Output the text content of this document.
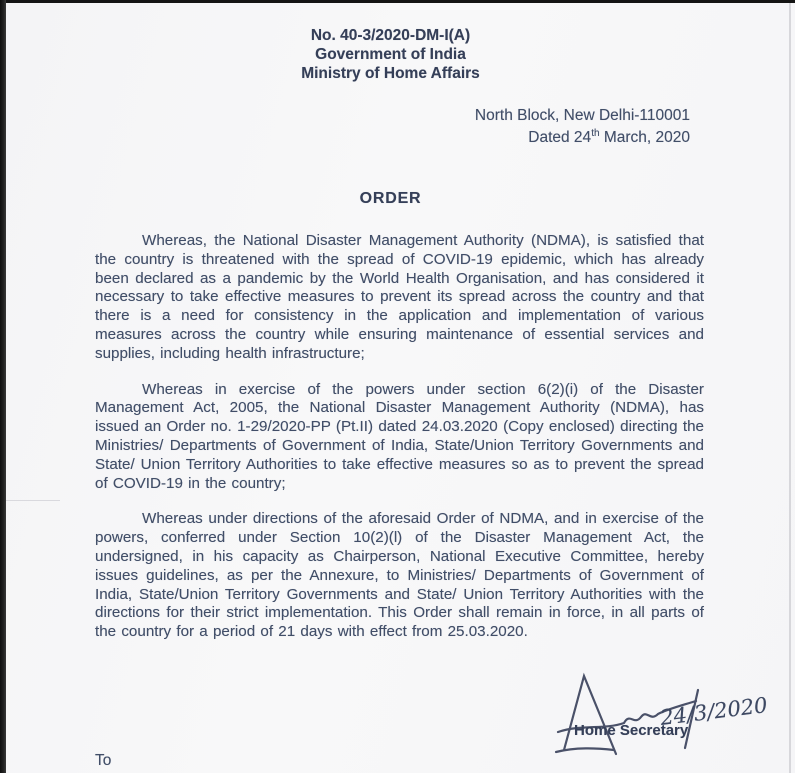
No. 40-3/2020-DM-I(A)
Government of India
Ministry of Home Affairs
North Block, New Delhi-110001
Dated 24th March, 2020
ORDER

Whereas, the National Disaster Management Authority (NDMA), is satisfied that the country is threatened with the spread of COVID-19 epidemic, which has already been declared as a pandemic by the World Health Organisation, and has considered it necessary to take effective measures to prevent its spread across the country and that there is a need for consistency in the application and implementation of various measures across the country while ensuring maintenance of essential services and supplies, including health infrastructure;

Whereas in exercise of the powers under section 6(2)(i) of the Disaster Management Act, 2005, the National Disaster Management Authority (NDMA), has issued an Order no. 1-29/2020-PP (Pt.II) dated 24.03.2020 (Copy enclosed) directing the Ministries/ Departments of Government of India, State/Union Territory Governments and State/ Union Territory Authorities to take effective measures so as to prevent the spread of COVID-19 in the country;

Whereas under directions of the aforesaid Order of NDMA, and in exercise of the powers, conferred under Section 10(2)(l) of the Disaster Management Act, the undersigned, in his capacity as Chairperson, National Executive Committee, hereby issues guidelines, as per the Annexure, to Ministries/ Departments of Government of India, State/Union Territory Governments and State/ Union Territory Authorities with the directions for their strict implementation. This Order shall remain in force, in all parts of the country for a period of 21 days with effect from 25.03.2020.

24/3/2020
Home Secretary
To
